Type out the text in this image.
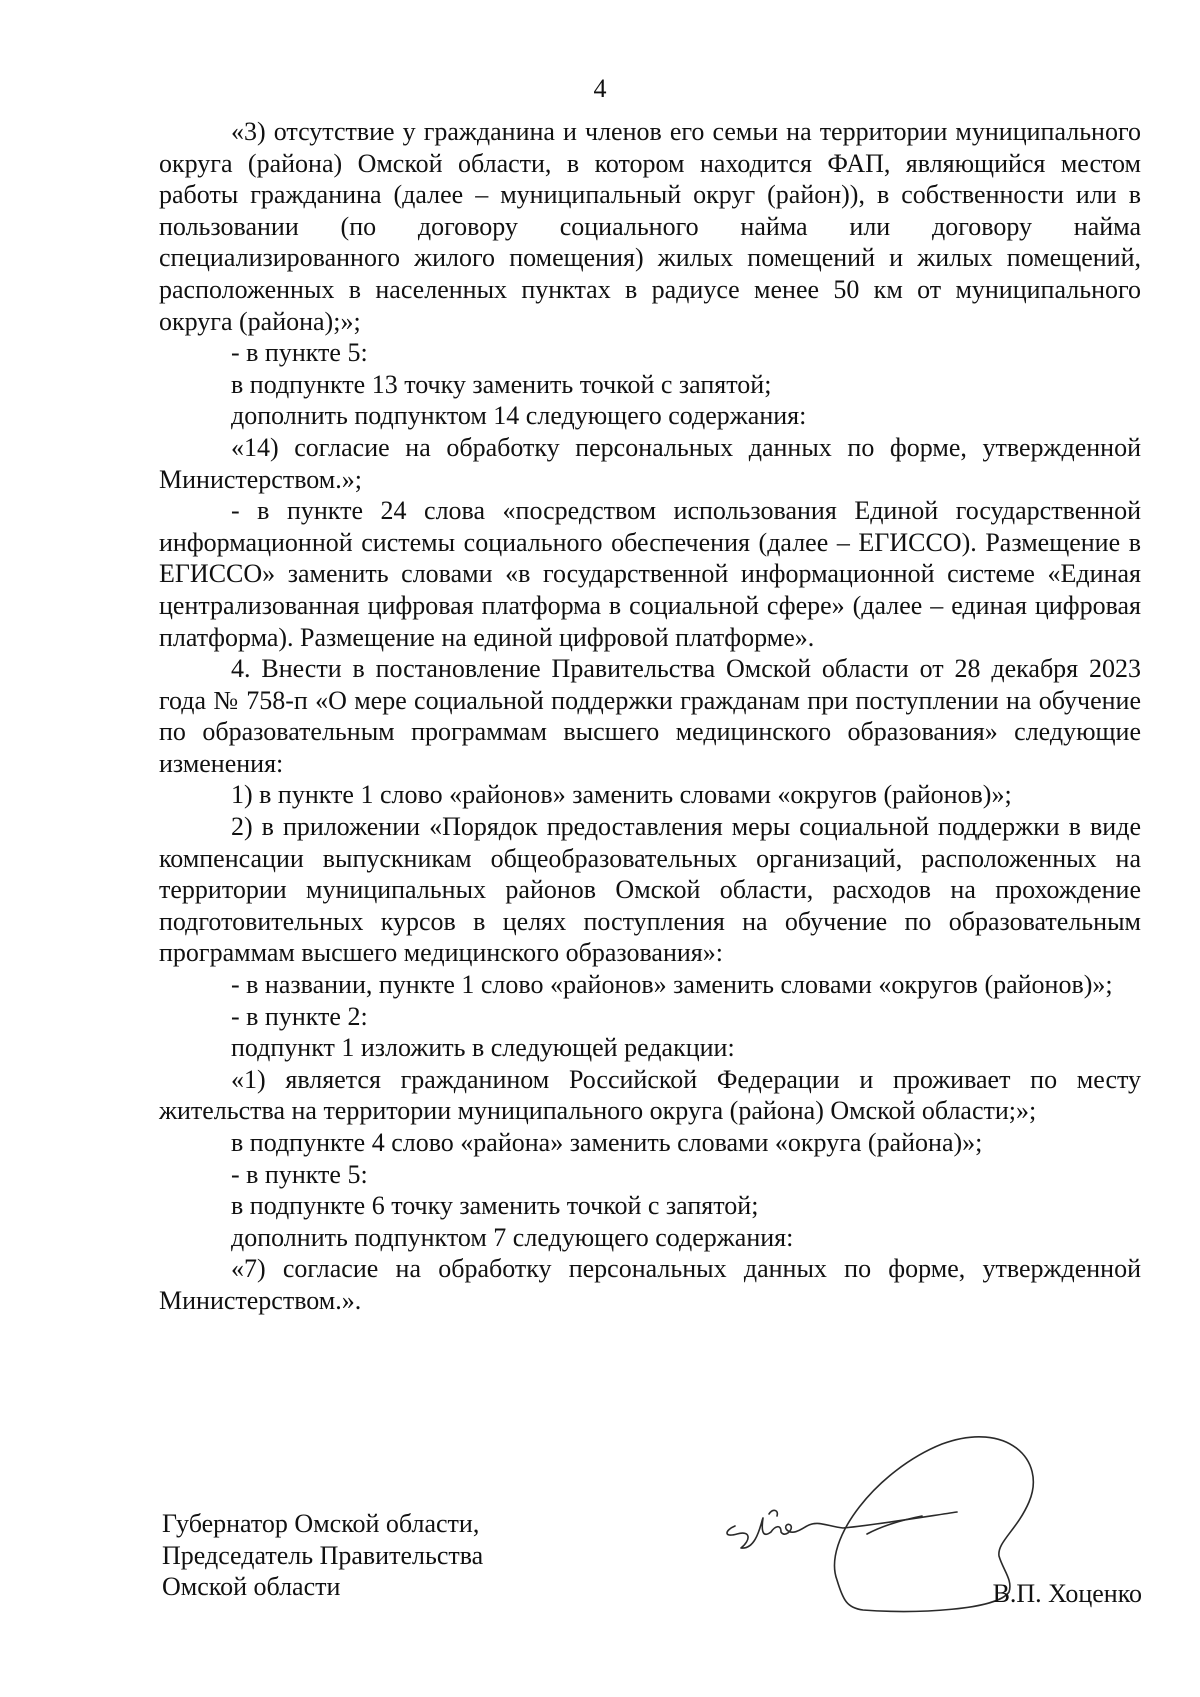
4

«3) отсутствие у гражданина и членов его семьи на территории муниципального округа (района) Омской области, в котором находится ФАП, являющийся местом работы гражданина (далее – муниципальный округ (район)), в собственности или в пользовании (по договору социального найма или договору найма специализированного жилого помещения) жилых помещений и жилых помещений, расположенных в населенных пунктах в радиусе менее 50 км от муниципального округа (района);»;

- в пункте 5:

в подпункте 13 точку заменить точкой с запятой;

дополнить подпунктом 14 следующего содержания:

«14) согласие на обработку персональных данных по форме, утвержденной Министерством.»;

- в пункте 24 слова «посредством использования Единой государственной информационной системы социального обеспечения (далее – ЕГИССО). Размещение в ЕГИССО» заменить словами «в государственной информационной системе «Единая централизованная цифровая платформа в социальной сфере» (далее – единая цифровая платформа). Размещение на единой цифровой платформе».

4. Внести в постановление Правительства Омской области от 28 декабря 2023 года № 758-п «О мере социальной поддержки гражданам при поступлении на обучение по образовательным программам высшего медицинского образования» следующие изменения:

1) в пункте 1 слово «районов» заменить словами «округов (районов)»;

2) в приложении «Порядок предоставления меры социальной поддержки в виде компенсации выпускникам общеобразовательных организаций, расположенных на территории муниципальных районов Омской области, расходов на прохождение подготовительных курсов в целях поступления на обучение по образовательным программам высшего медицинского образования»:

- в названии, пункте 1 слово «районов» заменить словами «округов (районов)»;

- в пункте 2:

подпункт 1 изложить в следующей редакции:

«1) является гражданином Российской Федерации и проживает по месту жительства на территории муниципального округа (района) Омской области;»;

в подпункте 4 слово «района» заменить словами «округа (района)»;

- в пункте 5:

в подпункте 6 точку заменить точкой с запятой;

дополнить подпунктом 7 следующего содержания:

«7) согласие на обработку персональных данных по форме, утвержденной Министерством.».

Губернатор Омской области,
Председатель Правительства
Омской области	В.П. Хоценко
